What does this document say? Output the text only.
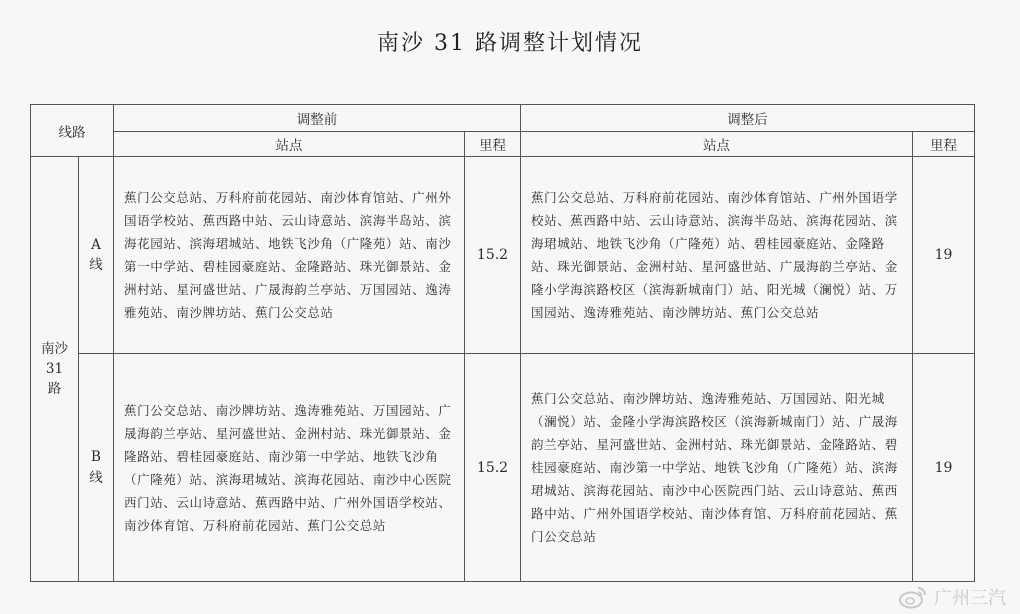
南沙 31 路调整计划情况
线路		调整前		调整后	
		站点	里程	站点	里程
南沙31路	A线	蕉门公交总站、万科府前花园站、南沙体育馆站、广州外国语学校站、蕉西路中站、云山诗意站、滨海半岛站、滨海花园站、滨海珺城站、地铁飞沙角（广隆苑）站、南沙第一中学站、碧桂园豪庭站、金隆路站、珠光御景站、金洲村站、星河盛世站、广晟海韵兰亭站、万国园站、逸涛雅苑站、南沙牌坊站、蕉门公交总站	15.2	蕉门公交总站、万科府前花园站、南沙体育馆站、广州外国语学校站、蕉西路中站、云山诗意站、滨海半岛站、滨海花园站、滨海珺城站、地铁飞沙角（广隆苑）站、碧桂园豪庭站、金隆路站、珠光御景站、金洲村站、星河盛世站、广晟海韵兰亭站、金隆小学海滨路校区（滨海新城南门）站、阳光城（澜悦）站、万国园站、逸涛雅苑站、南沙牌坊站、蕉门公交总站	19
	B线	蕉门公交总站、南沙牌坊站、逸涛雅苑站、万国园站、广晟海韵兰亭站、星河盛世站、金洲村站、珠光御景站、金隆路站、碧桂园豪庭站、南沙第一中学站、地铁飞沙角（广隆苑）站、滨海珺城站、滨海花园站、南沙中心医院西门站、云山诗意站、蕉西路中站、广州外国语学校站、南沙体育馆、万科府前花园站、蕉门公交总站	15.2	蕉门公交总站、南沙牌坊站、逸涛雅苑站、万国园站、阳光城（澜悦）站、金隆小学海滨路校区（滨海新城南门）站、广晟海韵兰亭站、星河盛世站、金洲村站、珠光御景站、金隆路站、碧桂园豪庭站、南沙第一中学站、地铁飞沙角（广隆苑）站、滨海珺城站、滨海花园站、南沙中心医院西门站、云山诗意站、蕉西路中站、广州外国语学校站、南沙体育馆、万科府前花园站、蕉门公交总站	19
广州三汽
